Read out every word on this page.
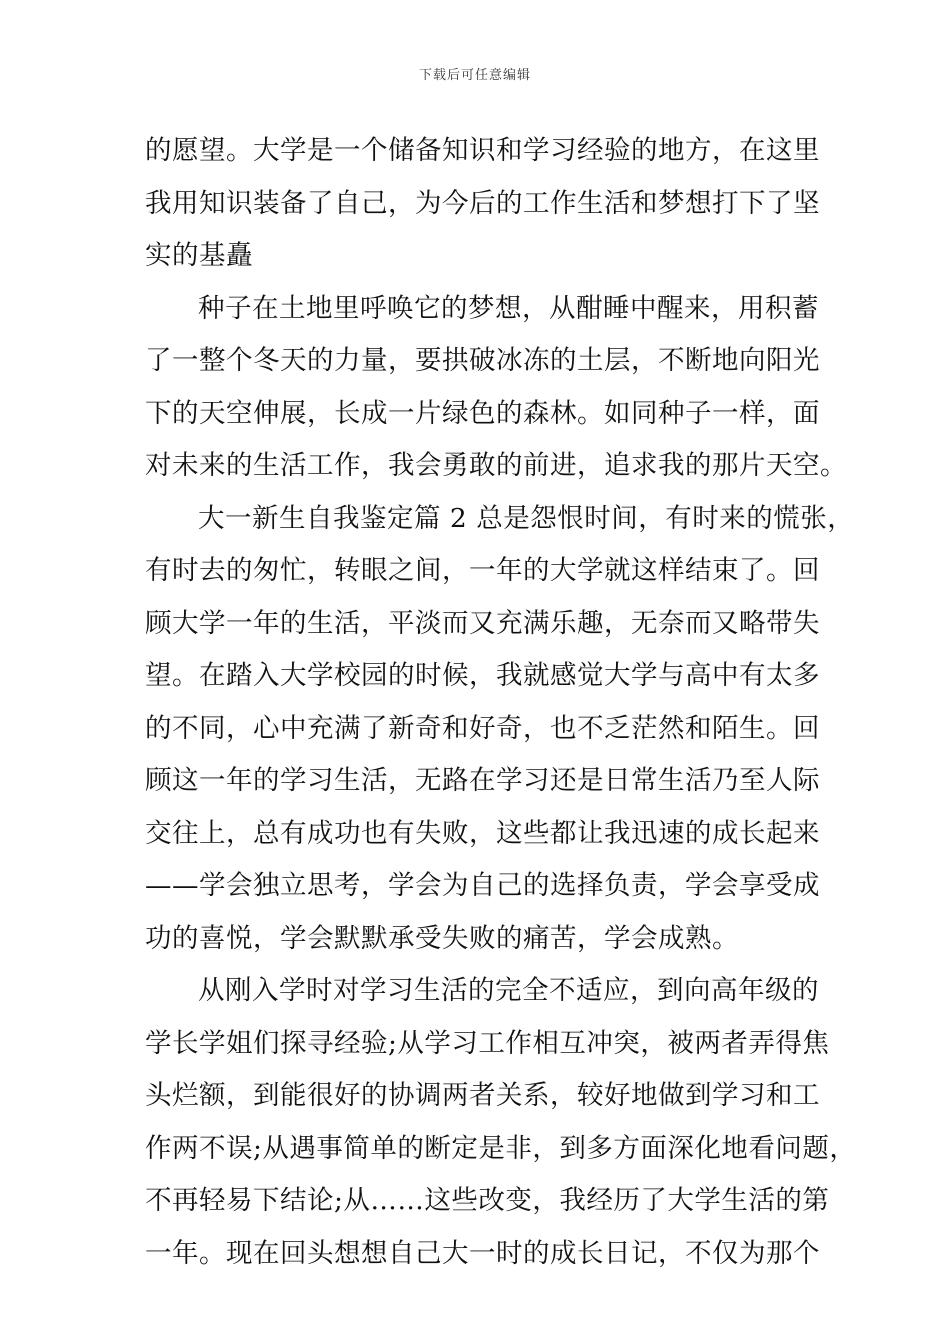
下载后可任意编辑
的愿望。大学是一个储备知识和学习经验的地方，在这里
我用知识装备了自己，为今后的工作生活和梦想打下了坚
实的基矗
种子在土地里呼唤它的梦想，从酣睡中醒来，用积蓄
了一整个冬天的力量，要拱破冰冻的土层，不断地向阳光
下的天空伸展，长成一片绿色的森林。如同种子一样，面
对未来的生活工作，我会勇敢的前进，追求我的那片天空。
大一新生自我鉴定篇 2 总是怨恨时间，有时来的慌张，
有时去的匆忙，转眼之间，一年的大学就这样结束了。回
顾大学一年的生活，平淡而又充满乐趣，无奈而又略带失
望。在踏入大学校园的时候，我就感觉大学与高中有太多
的不同，心中充满了新奇和好奇，也不乏茫然和陌生。回
顾这一年的学习生活，无路在学习还是日常生活乃至人际
交往上，总有成功也有失败，这些都让我迅速的成长起来
——学会独立思考，学会为自己的选择负责，学会享受成
功的喜悦，学会默默承受失败的痛苦，学会成熟。
从刚入学时对学习生活的完全不适应，到向高年级的
学长学姐们探寻经验;从学习工作相互冲突，被两者弄得焦
头烂额，到能很好的协调两者关系，较好地做到学习和工
作两不误;从遇事简单的断定是非，到多方面深化地看问题，
不再轻易下结论;从……这些改变，我经历了大学生活的第
一年。现在回头想想自己大一时的成长日记，不仅为那个
